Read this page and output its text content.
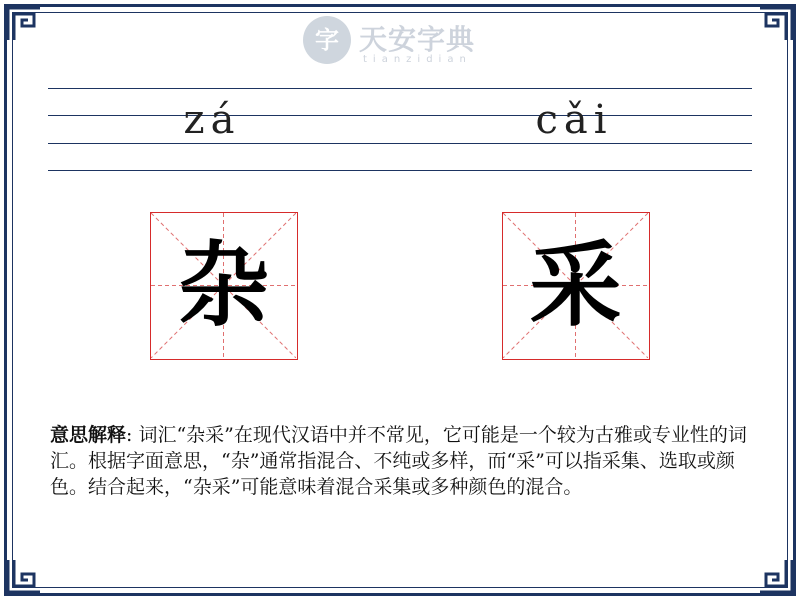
字 天安字典
tianzidian
zá	cǎi
杂	采
意思解释: 词汇“杂采”在现代汉语中并不常见，它可能是一个较为古雅或专业性的词汇。根据字面意思，“杂”通常指混合、不纯或多样，而“采”可以指采集、选取或颜色。结合起来，“杂采”可能意味着混合采集或多种颜色的混合。
